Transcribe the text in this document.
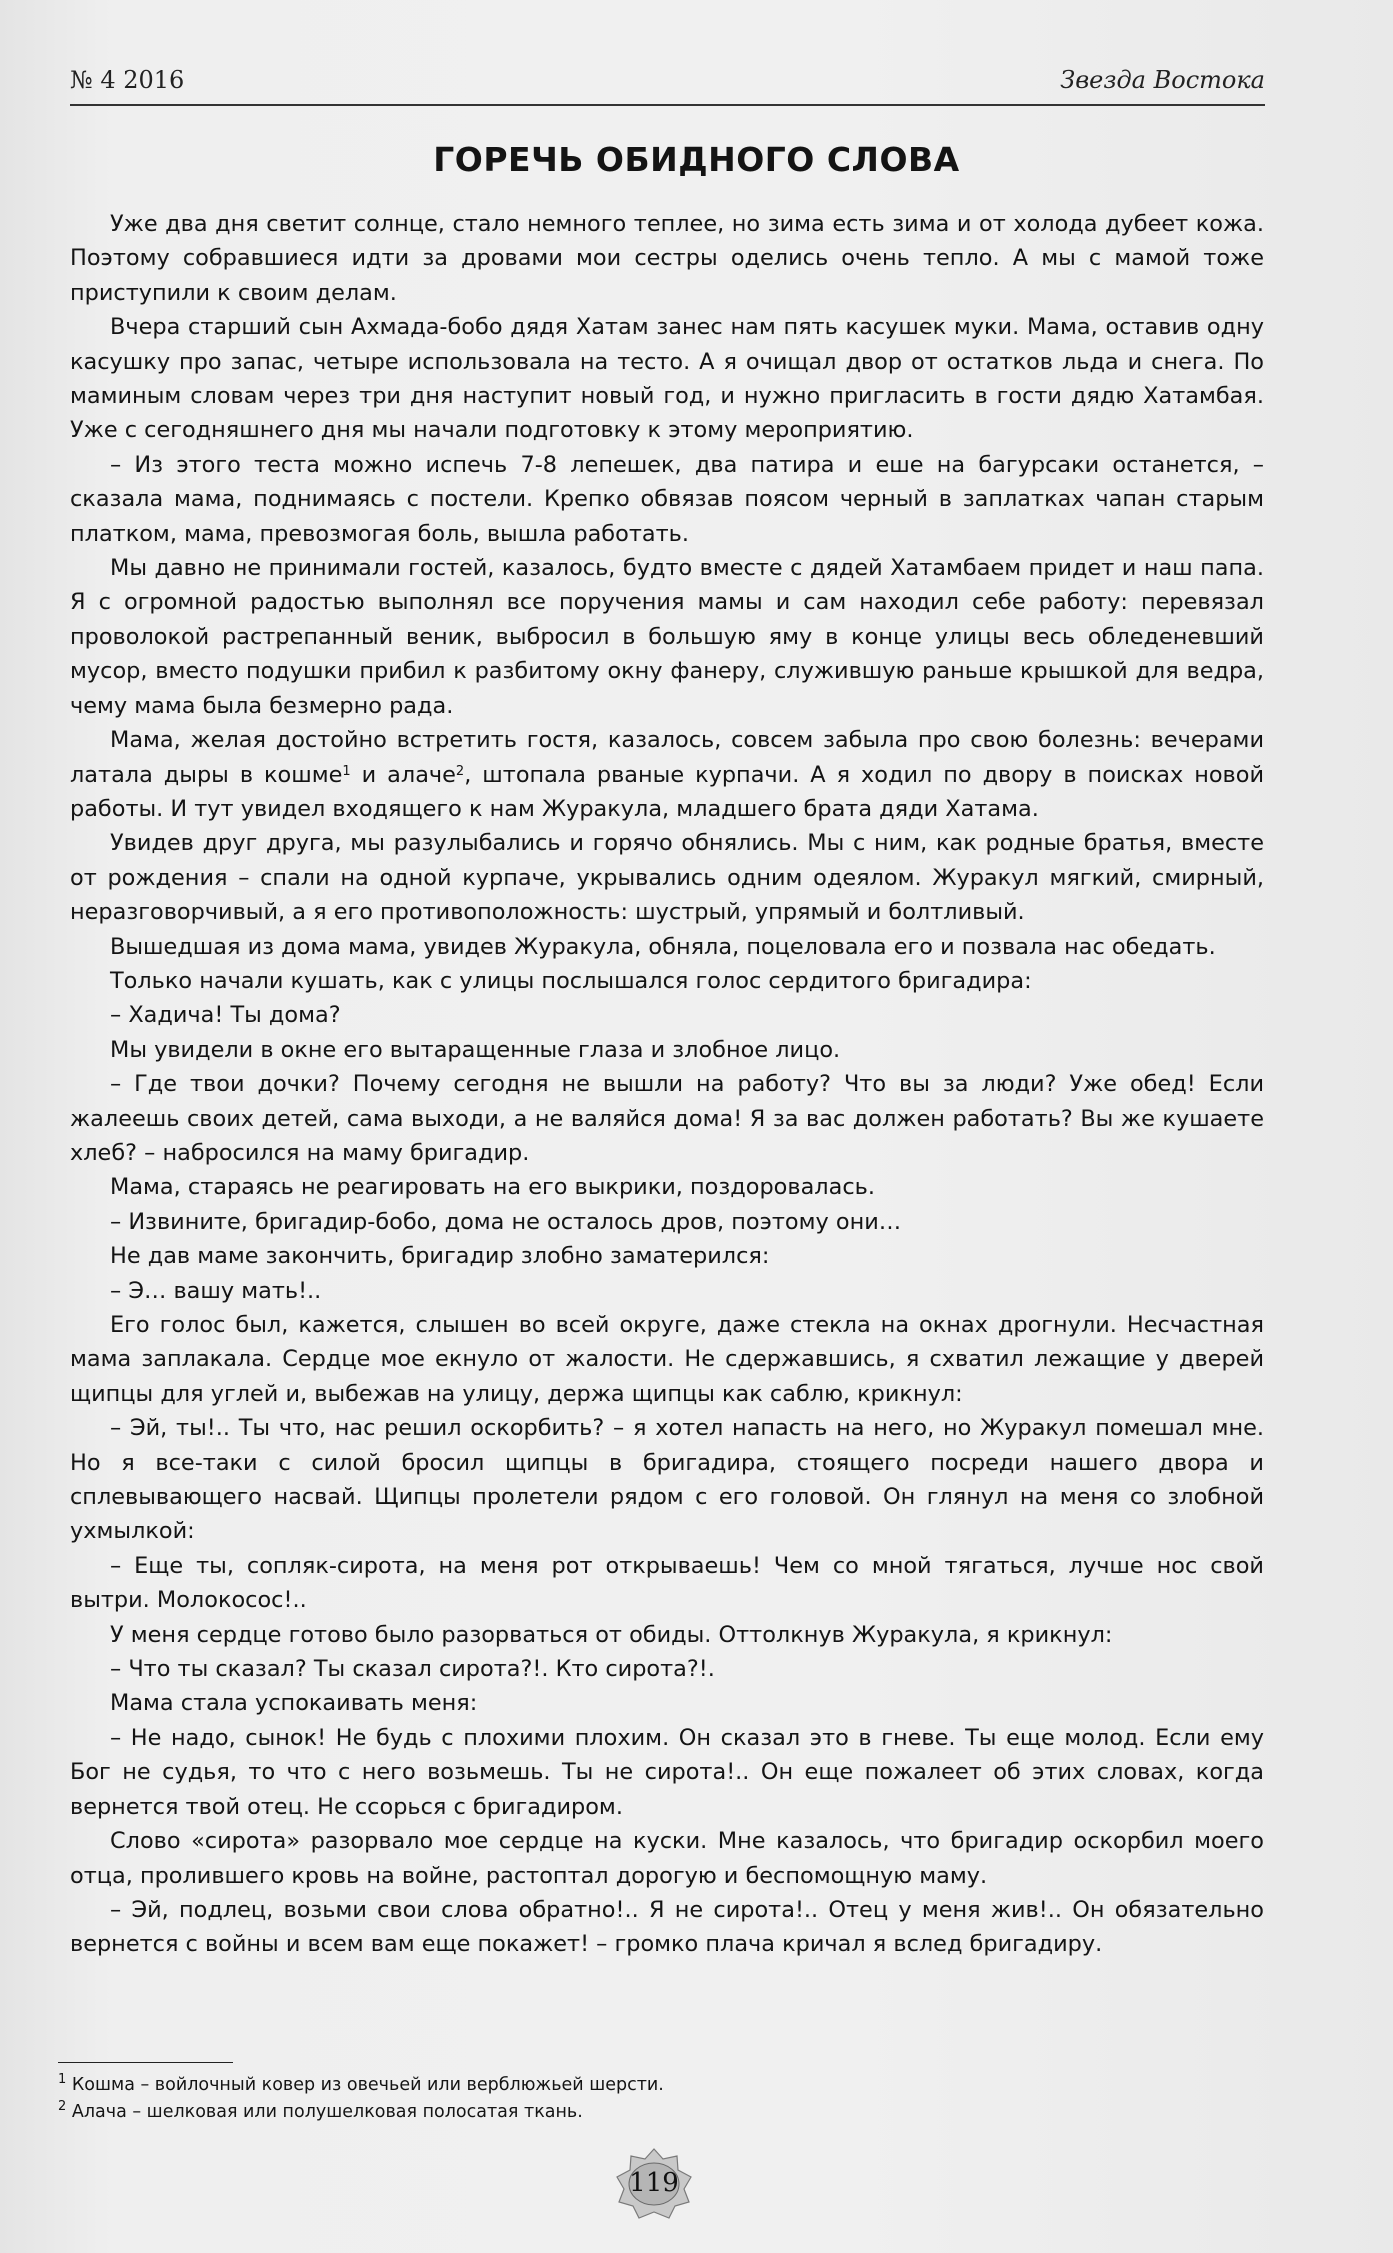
№ 4 2016	Звезда Востока
ГОРЕЧЬ ОБИДНОГО СЛОВА

Уже два дня светит солнце, стало немного теплее, но зима есть зима и от холода дубеет кожа. Поэтому собравшиеся идти за дровами мои сестры оделись очень тепло. А мы с мамой тоже приступили к своим делам.

Вчера старший сын Ахмада-бобо дядя Хатам занес нам пять касушек муки. Мама, оставив одну касушку про запас, четыре использовала на тесто. А я очищал двор от остатков льда и снега. По маминым словам через три дня наступит новый год, и нужно пригласить в гости дядю Хатамбая. Уже с сегодняшнего дня мы начали подготовку к этому мероприятию.

– Из этого теста можно испечь 7-8 лепешек, два патира и еше на багурсаки останется, – сказала мама, поднимаясь с постели. Крепко обвязав поясом черный в заплатках чапан старым платком, мама, превозмогая боль, вышла работать.

Мы давно не принимали гостей, казалось, будто вместе с дядей Хатамбаем придет и наш папа. Я с огромной радостью выполнял все поручения мамы и сам находил себе работу: перевязал проволокой растрепанный веник, выбросил в большую яму в конце улицы весь обледеневший мусор, вместо подушки прибил к разбитому окну фанеру, служившую раньше крышкой для ведра, чему мама была безмерно рада.

Мама, желая достойно встретить гостя, казалось, совсем забыла про свою болезнь: вечерами латала дыры в кошме$^1$ и алаче$^2$, штопала рваные курпачи. А я ходил по двору в поисках новой работы. И тут увидел входящего к нам Журакула, младшего брата дяди Хатама.

Увидев друг друга, мы разулыбались и горячо обнялись. Мы с ним, как родные братья, вместе от рождения – спали на одной курпаче, укрывались одним одеялом. Журакул мягкий, смирный, неразговорчивый, а я его противоположность: шустрый, упрямый и болтливый.

Вышедшая из дома мама, увидев Журакула, обняла, поцеловала его и позвала нас обедать.

Только начали кушать, как с улицы послышался голос сердитого бригадира:

– Хадича! Ты дома?

Мы увидели в окне его вытаращенные глаза и злобное лицо.

– Где твои дочки? Почему сегодня не вышли на работу? Что вы за люди? Уже обед! Если жалеешь своих детей, сама выходи, а не валяйся дома! Я за вас должен работать? Вы же кушаете хлеб? – набросился на маму бригадир.

Мама, стараясь не реагировать на его выкрики, поздоровалась.

– Извините, бригадир-бобо, дома не осталось дров, поэтому они…

Не дав маме закончить, бригадир злобно заматерился:

– Э… вашу мать!..

Его голос был, кажется, слышен во всей округе, даже стекла на окнах дрогнули. Несчастная мама заплакала. Сердце мое екнуло от жалости. Не сдержавшись, я схватил лежащие у дверей щипцы для углей и, выбежав на улицу, держа щипцы как саблю, крикнул:

– Эй, ты!.. Ты что, нас решил оскорбить? – я хотел напасть на него, но Журакул помешал мне. Но я все-таки с силой бросил щипцы в бригадира, стоящего посреди нашего двора и сплевывающего насвай. Щипцы пролетели рядом с его головой. Он глянул на меня со злобной ухмылкой:

– Еще ты, сопляк-сирота, на меня рот открываешь! Чем со мной тягаться, лучше нос свой вытри. Молокосос!..

У меня сердце готово было разорваться от обиды. Оттолкнув Журакула, я крикнул:

– Что ты сказал? Ты сказал сирота?!. Кто сирота?!.

Мама стала успокаивать меня:

– Не надо, сынок! Не будь с плохими плохим. Он сказал это в гневе. Ты еще молод. Если ему Бог не судья, то что с него возьмешь. Ты не сирота!.. Он еще пожалеет об этих словах, когда вернется твой отец. Не ссорься с бригадиром.

Слово «сирота» разорвало мое сердце на куски. Мне казалось, что бригадир оскорбил моего отца, пролившего кровь на войне, растоптал дорогую и беспомощную маму.

– Эй, подлец, возьми свои слова обратно!.. Я не сирота!.. Отец у меня жив!.. Он обязательно вернется с войны и всем вам еще покажет! – громко плача кричал я вслед бригадиру.

$^1$ Кошма – войлочный ковер из овечьей или верблюжьей шерсти.

$^2$ Алача – шелковая или полушелковая полосатая ткань.

119
